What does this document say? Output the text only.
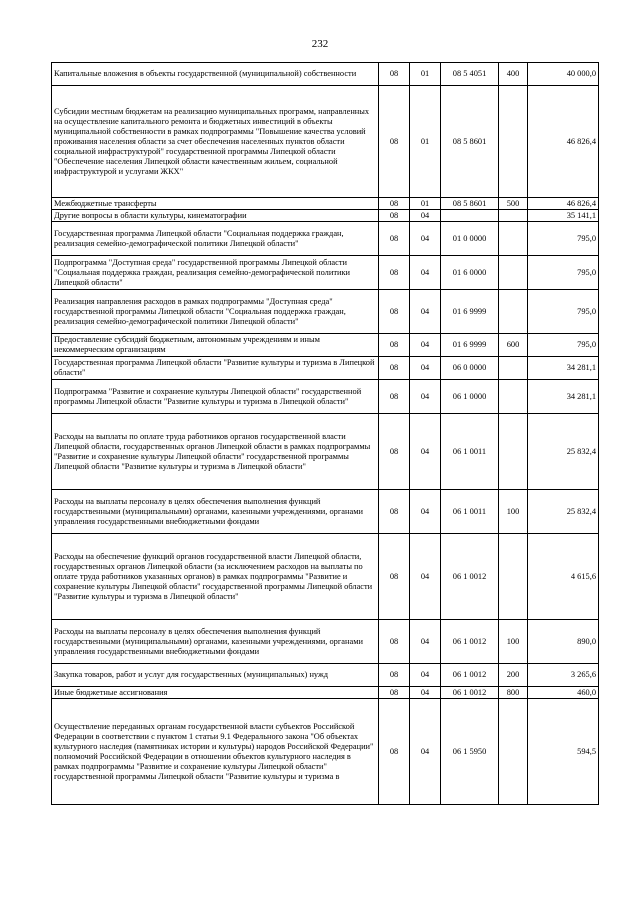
232
Капитальные вложения в объекты государственной (муниципальной) собственности	08	01	08 5 4051	400	40 000,0
Субсидии местным бюджетам на реализацию муниципальных программ, направленных на осуществление капитального ремонта и бюджетных инвестиций в объекты муниципальной собственности в рамках подпрограммы "Повышение качества условий проживания населения области за счет обеспечения населенных пунктов области социальной инфраструктурой" государственной программы Липецкой области "Обеспечение населения Липецкой области качественным жильем, социальной инфраструктурой и услугами ЖКХ"	08	01	08 5 8601		46 826,4
Межбюджетные трансферты	08	01	08 5 8601	500	46 826,4
Другие вопросы в области культуры, кинематографии	08	04			35 141,1
Государственная программа Липецкой области "Социальная поддержка граждан, реализация семейно-демографической политики Липецкой области"	08	04	01 0 0000		795,0
Подпрограмма "Доступная среда" государственной программы Липецкой области "Социальная поддержка граждан, реализация семейно-демографической политики Липецкой области"	08	04	01 6 0000		795,0
Реализация направления расходов в рамках подпрограммы "Доступная среда" государственной программы Липецкой области "Социальная поддержка граждан, реализация семейно-демографической политики Липецкой области"	08	04	01 6 9999		795,0
Предоставление субсидий бюджетным, автономным учреждениям и иным некоммерческим организациям	08	04	01 6 9999	600	795,0
Государственная программа Липецкой области "Развитие культуры и туризма в Липецкой области"	08	04	06 0 0000		34 281,1
Подпрограмма "Развитие и сохранение культуры Липецкой области" государственной программы Липецкой области "Развитие культуры и туризма в Липецкой области"	08	04	06 1 0000		34 281,1
Расходы на выплаты по оплате труда работников органов государственной власти Липецкой области, государственных органов Липецкой области в рамках подпрограммы "Развитие и сохранение культуры Липецкой области" государственной программы Липецкой области "Развитие культуры и туризма в Липецкой области"	08	04	06 1 0011		25 832,4
Расходы на выплаты персоналу в целях обеспечения выполнения функций государственными (муниципальными) органами, казенными учреждениями, органами управления государственными внебюджетными фондами	08	04	06 1 0011	100	25 832,4
Расходы на обеспечение функций органов государственной власти Липецкой области, государственных органов Липецкой области (за исключением расходов на выплаты по оплате труда работников указанных органов) в рамках подпрограммы "Развитие и сохранение культуры Липецкой области" государственной программы Липецкой области "Развитие культуры и туризма в Липецкой области"	08	04	06 1 0012		4 615,6
Расходы на выплаты персоналу в целях обеспечения выполнения функций государственными (муниципальными) органами, казенными учреждениями, органами управления государственными внебюджетными фондами	08	04	06 1 0012	100	890,0
Закупка товаров, работ и услуг для государственных (муниципальных) нужд	08	04	06 1 0012	200	3 265,6
Иные бюджетные ассигнования	08	04	06 1 0012	800	460,0
Осуществление переданных органам государственной власти субъектов Российской Федерации в соответствии с пунктом 1 статьи 9.1 Федерального закона "Об объектах культурного наследия (памятниках истории и культуры) народов Российской Федерации" полномочий Российской Федерации в отношении объектов культурного наследия в рамках подпрограммы "Развитие и сохранение культуры Липецкой области" государственной программы Липецкой области "Развитие культуры и туризма в	08	04	06 1 5950		594,5
